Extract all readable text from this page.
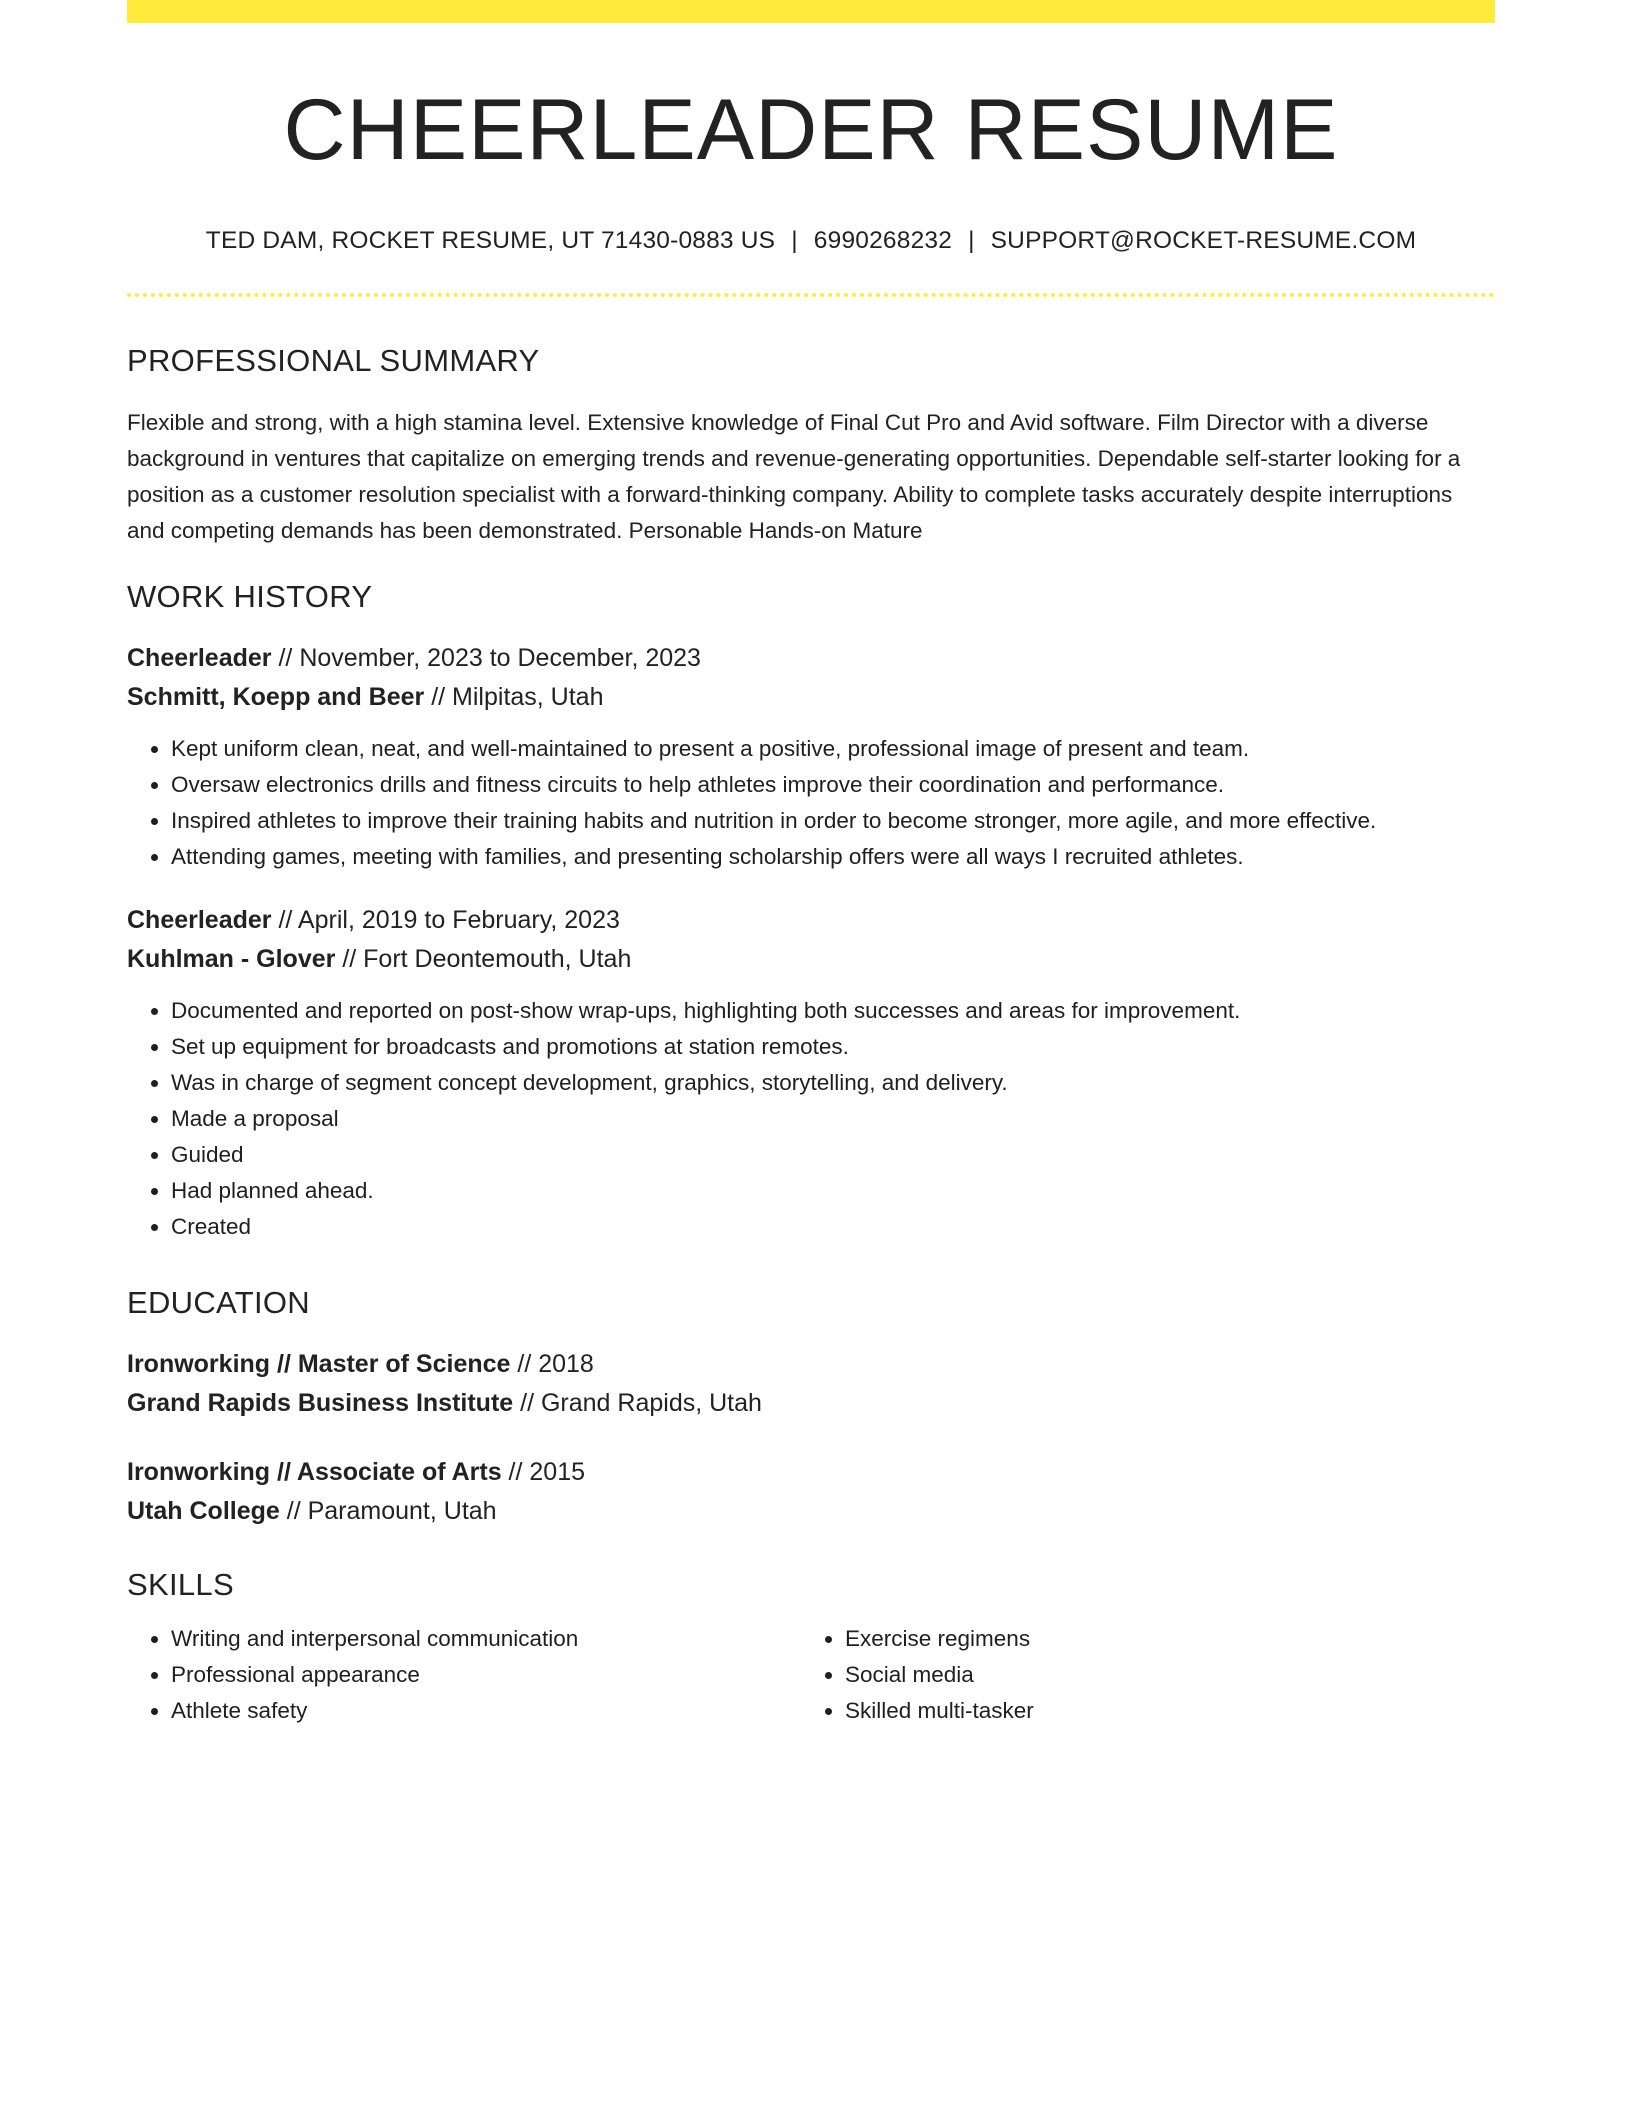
CHEERLEADER RESUME
TED DAM, ROCKET RESUME, UT 71430-0883 US | 6990268232 | SUPPORT@ROCKET-RESUME.COM
PROFESSIONAL SUMMARY

Flexible and strong, with a high stamina level. Extensive knowledge of Final Cut Pro and Avid software. Film Director with a diverse background in ventures that capitalize on emerging trends and revenue-generating opportunities. Dependable self-starter looking for a position as a customer resolution specialist with a forward-thinking company. Ability to complete tasks accurately despite interruptions and competing demands has been demonstrated. Personable Hands-on Mature

WORK HISTORY
Cheerleader // November, 2023 to December, 2023
Schmitt, Koepp and Beer // Milpitas, Utah
• Kept uniform clean, neat, and well-maintained to present a positive, professional image of present and team.
• Oversaw electronics drills and fitness circuits to help athletes improve their coordination and performance.
• Inspired athletes to improve their training habits and nutrition in order to become stronger, more agile, and more effective.
• Attending games, meeting with families, and presenting scholarship offers were all ways I recruited athletes.
Cheerleader // April, 2019 to February, 2023
Kuhlman - Glover // Fort Deontemouth, Utah
• Documented and reported on post-show wrap-ups, highlighting both successes and areas for improvement.
• Set up equipment for broadcasts and promotions at station remotes.
• Was in charge of segment concept development, graphics, storytelling, and delivery.
• Made a proposal
• Guided
• Had planned ahead.
• Created
EDUCATION
Ironworking // Master of Science // 2018
Grand Rapids Business Institute // Grand Rapids, Utah
Ironworking // Associate of Arts // 2015
Utah College // Paramount, Utah
SKILLS
• Writing and interpersonal communication
• Professional appearance
• Athlete safety
• Exercise regimens
• Social media
• Skilled multi-tasker
